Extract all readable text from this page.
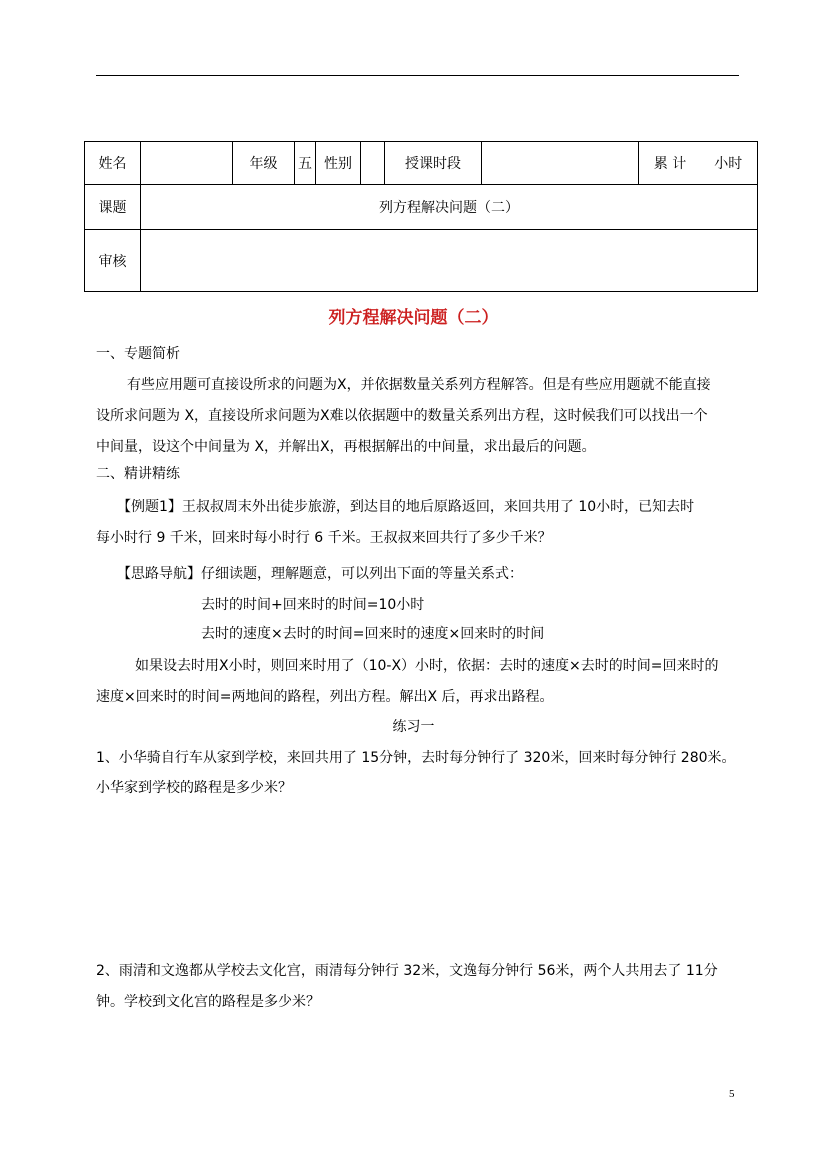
姓名		年级	五	性别		授课时段		累 计 小时
课题	列方程解决问题（二）							
审核								
列方程解决问题（二）
一、专题简析
有些应用题可直接设所求的问题为X，并依据数量关系列方程解答。但是有些应用题就不能直接
设所求问题为 X，直接设所求问题为X难以依据题中的数量关系列出方程，这时候我们可以找出一个
中间量，设这个中间量为 X，并解出X，再根据解出的中间量，求出最后的问题。
二、精讲精练
【例题1】王叔叔周末外出徒步旅游，到达目的地后原路返回，来回共用了 10小时，已知去时
每小时行 9 千米，回来时每小时行 6 千米。王叔叔来回共行了多少千米？
【思路导航】仔细读题，理解题意，可以列出下面的等量关系式：
去时的时间+回来时的时间=10小时
去时的速度×去时的时间=回来时的速度×回来时的时间
如果设去时用X小时，则回来时用了（10-X）小时，依据：去时的速度×去时的时间=回来时的
速度×回来时的时间=两地间的路程，列出方程。解出X 后，再求出路程。
练习一
1、小华骑自行车从家到学校，来回共用了 15分钟，去时每分钟行了 320米，回来时每分钟行 280米。
小华家到学校的路程是多少米？
2、雨清和文逸都从学校去文化宫，雨清每分钟行 32米，文逸每分钟行 56米，两个人共用去了 11分
钟。学校到文化宫的路程是多少米？
5
